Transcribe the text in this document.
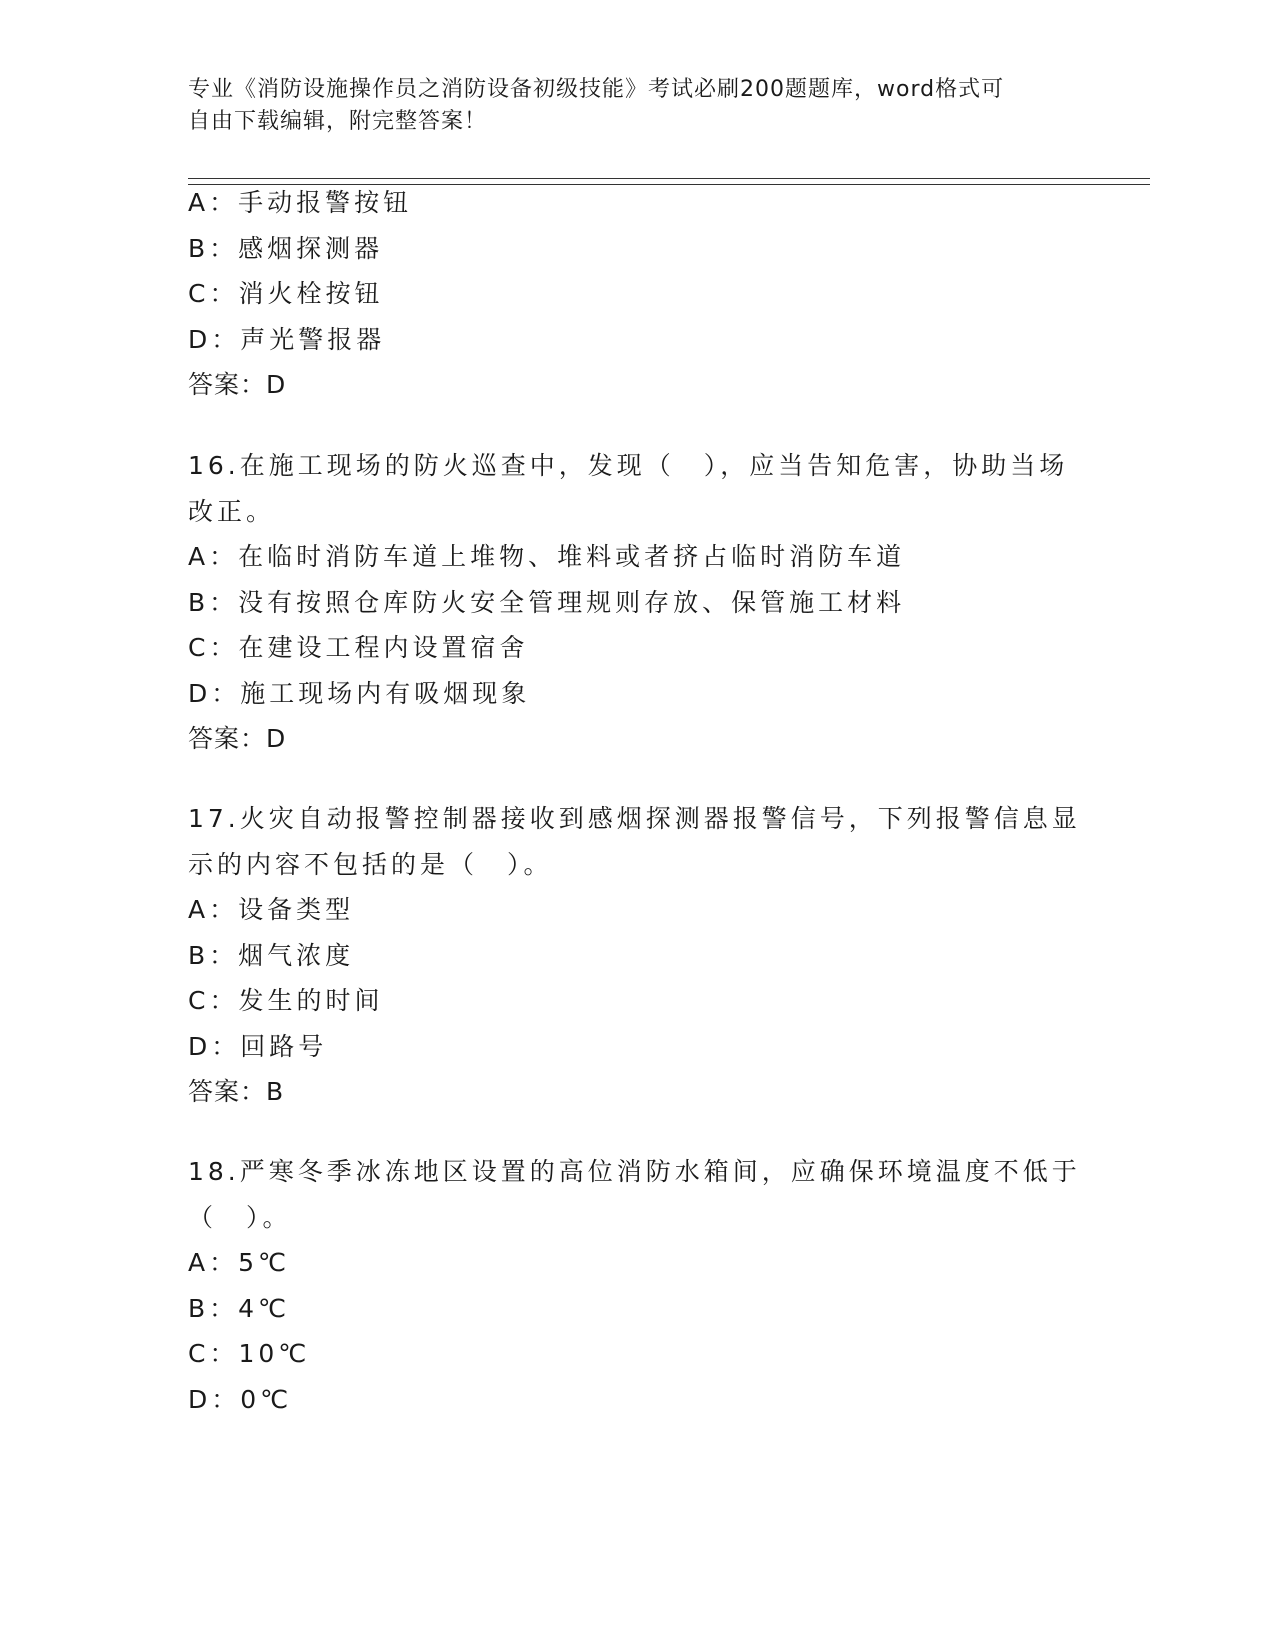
专业《消防设施操作员之消防设备初级技能》考试必刷200题题库，word格式可
自由下载编辑，附完整答案！
A：手动报警按钮
B：感烟探测器
C：消火栓按钮
D：声光警报器
答案：D
16.在施工现场的防火巡查中，发现（　），应当告知危害，协助当场
改正。
A：在临时消防车道上堆物、堆料或者挤占临时消防车道
B：没有按照仓库防火安全管理规则存放、保管施工材料
C：在建设工程内设置宿舍
D：施工现场内有吸烟现象
答案：D
17.火灾自动报警控制器接收到感烟探测器报警信号，下列报警信息显
示的内容不包括的是（　）。
A：设备类型
B：烟气浓度
C：发生的时间
D：回路号
答案：B
18.严寒冬季冰冻地区设置的高位消防水箱间，应确保环境温度不低于
（　）。
A：5℃
B：4℃
C：10℃
D：0℃
